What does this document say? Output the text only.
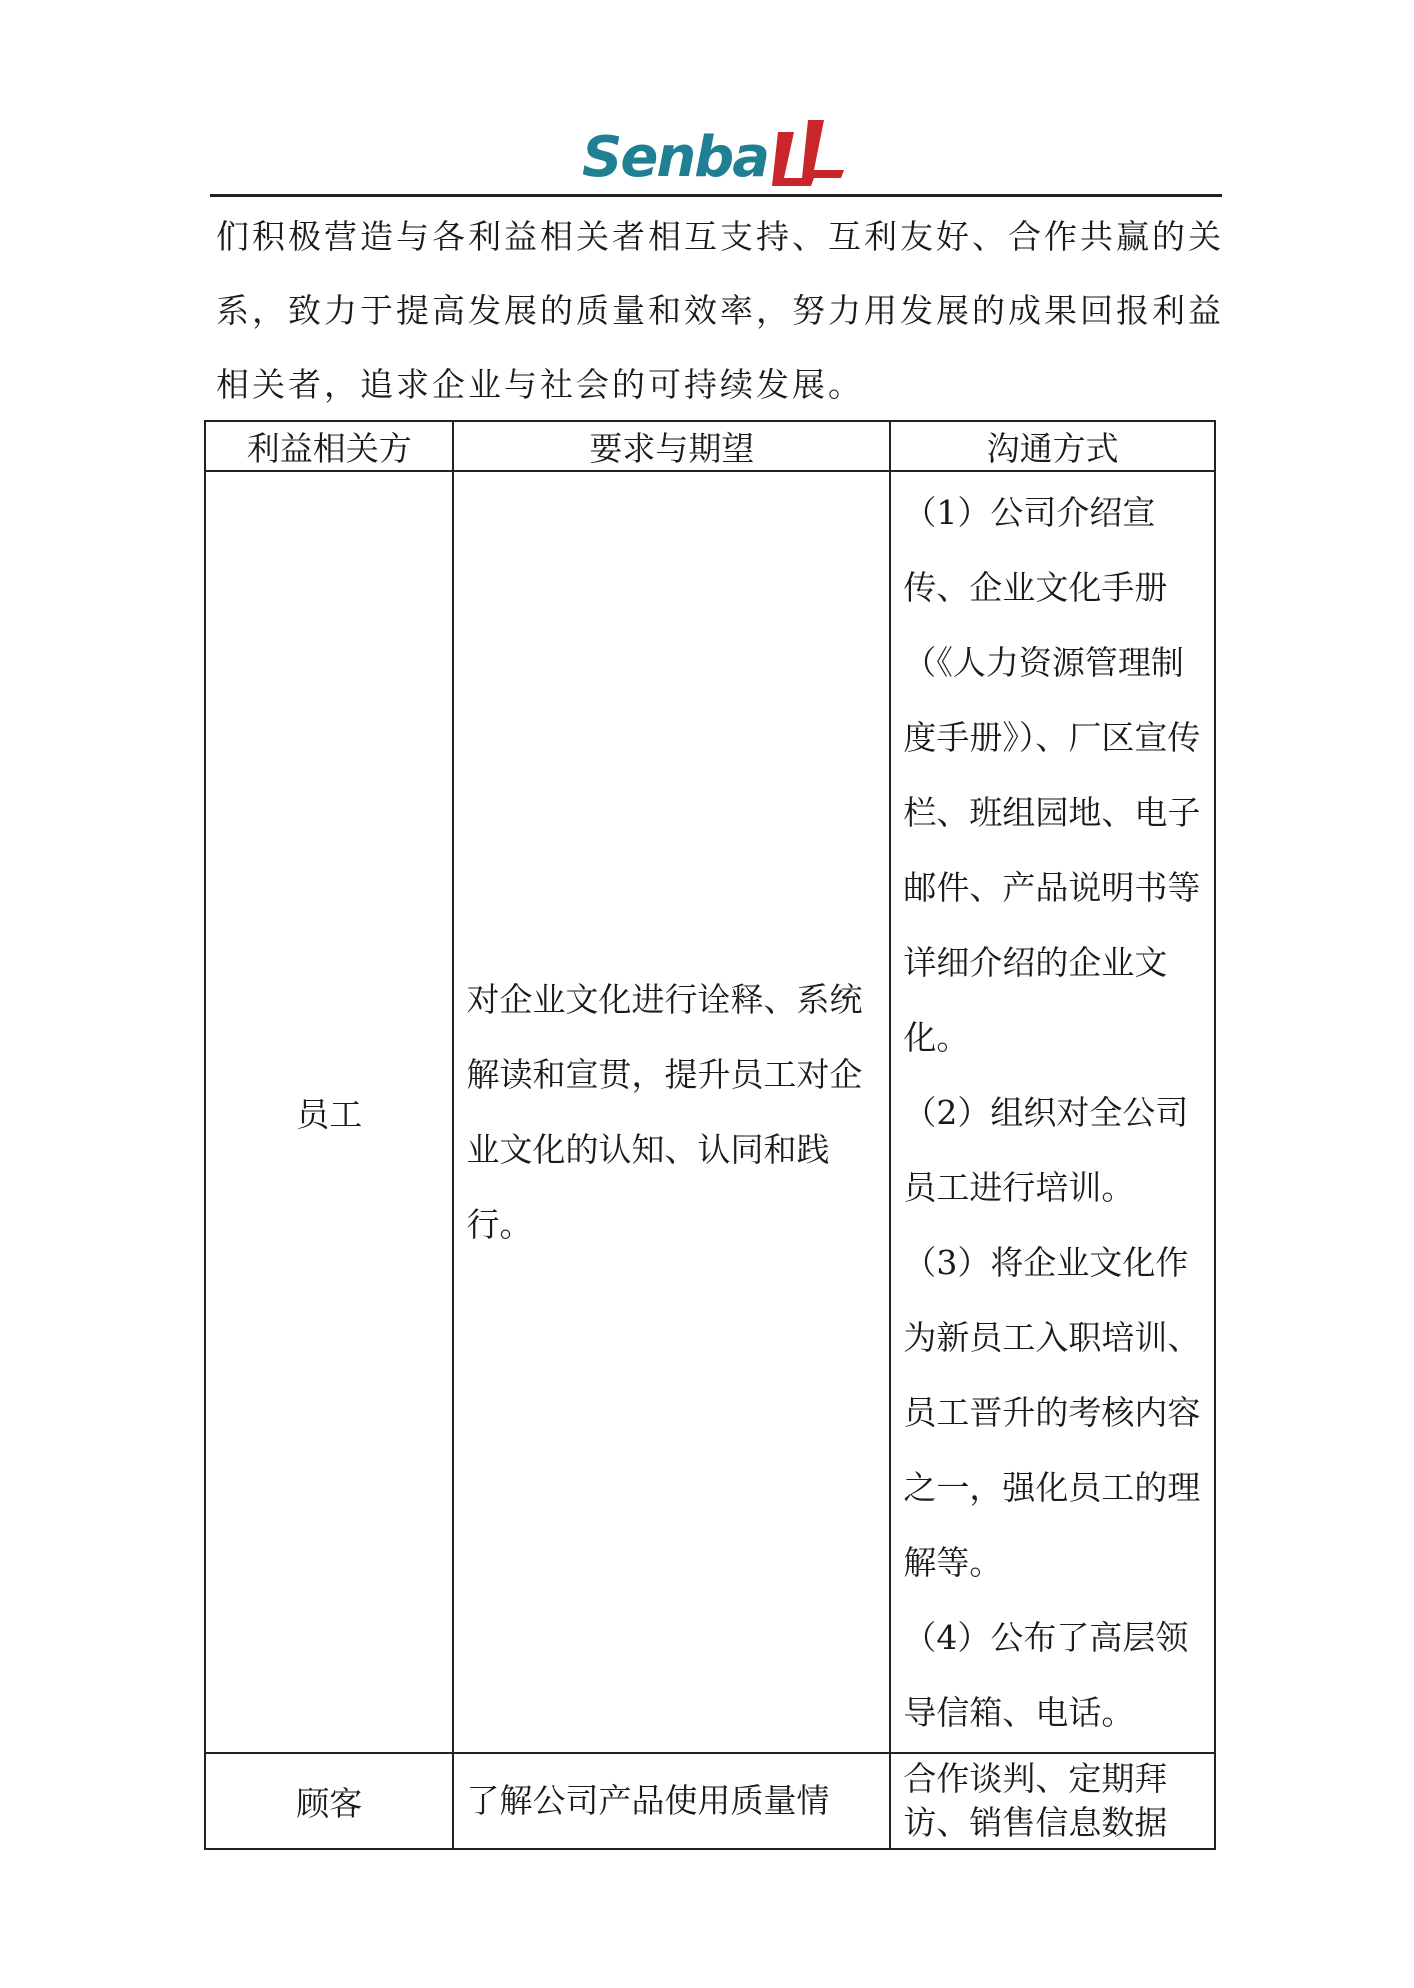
Senba

们积极营造与各利益相关者相互支持、互利友好、合作共赢的关

系，致力于提高发展的质量和效率，努力用发展的成果回报利益

相关者，追求企业与社会的可持续发展。

利益相关方	要求与期望	沟通方式
员工	对企业文化进行诠释、系统解读和宣贯，提升员工对企业文化的认知、认同和践行。	（1）公司介绍宣传、企业文化手册（《人力资源管理制度手册》）、厂区宣传栏、班组园地、电子邮件、产品说明书等详细介绍的企业文化。

（2）组织对全公司员工进行培训。

（3）将企业文化作为新员工入职培训、员工晋升的考核内容之一，强化员工的理解等。

（4）公布了高层领导信箱、电话。

顾客	了解公司产品使用质量情	合作谈判、定期拜访、销售信息数据
